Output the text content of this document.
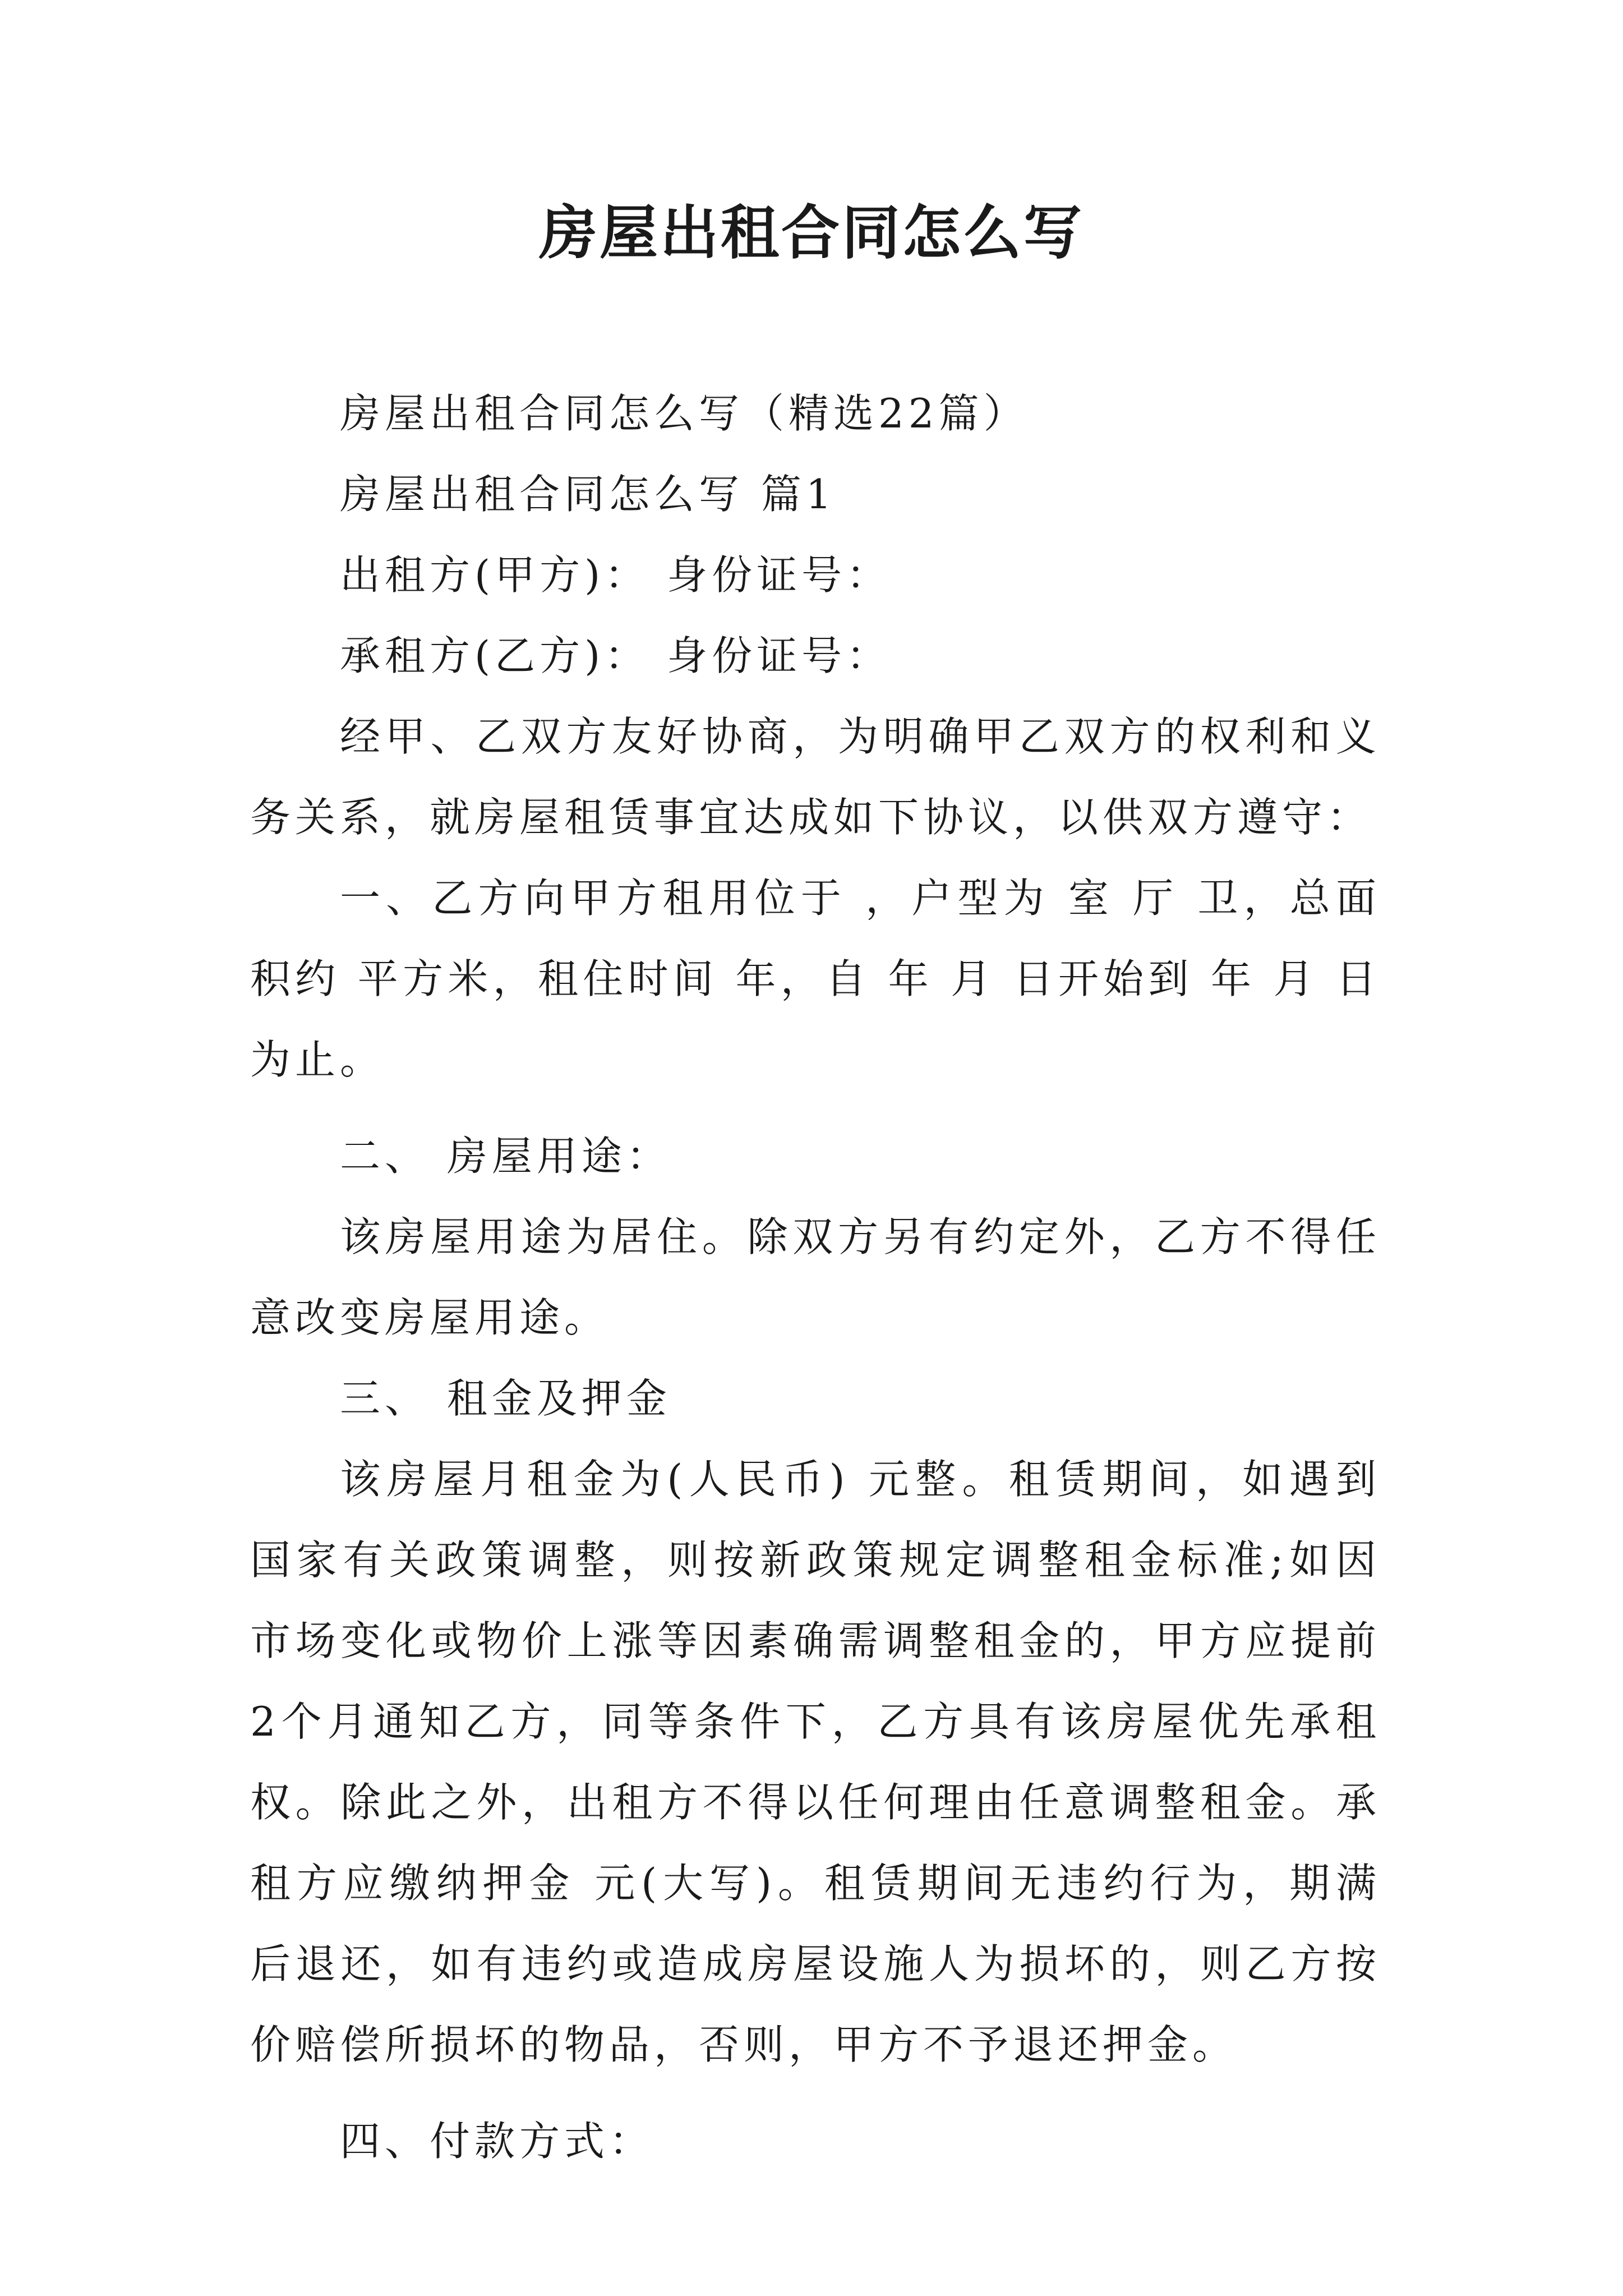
房屋出租合同怎么写

房屋出租合同怎么写（精选22篇）

房屋出租合同怎么写 篇1

出租方(甲方)： 身份证号：

承租方(乙方)： 身份证号：

经甲、乙双方友好协商，为明确甲乙双方的权利和义务关系，就房屋租赁事宜达成如下协议，以供双方遵守：

一、乙方向甲方租用位于 ，户型为 室 厅 卫，总面积约 平方米，租住时间 年，自 年 月 日开始到 年 月 日为止。

二、 房屋用途：

该房屋用途为居住。除双方另有约定外，乙方不得任意改变房屋用途。

三、 租金及押金

该房屋月租金为(人民币) 元整。租赁期间，如遇到国家有关政策调整，则按新政策规定调整租金标准;如因市场变化或物价上涨等因素确需调整租金的，甲方应提前2个月通知乙方，同等条件下，乙方具有该房屋优先承租权。除此之外，出租方不得以任何理由任意调整租金。承租方应缴纳押金 元(大写)。租赁期间无违约行为，期满后退还，如有违约或造成房屋设施人为损坏的，则乙方按价赔偿所损坏的物品，否则，甲方不予退还押金。

四、付款方式：
